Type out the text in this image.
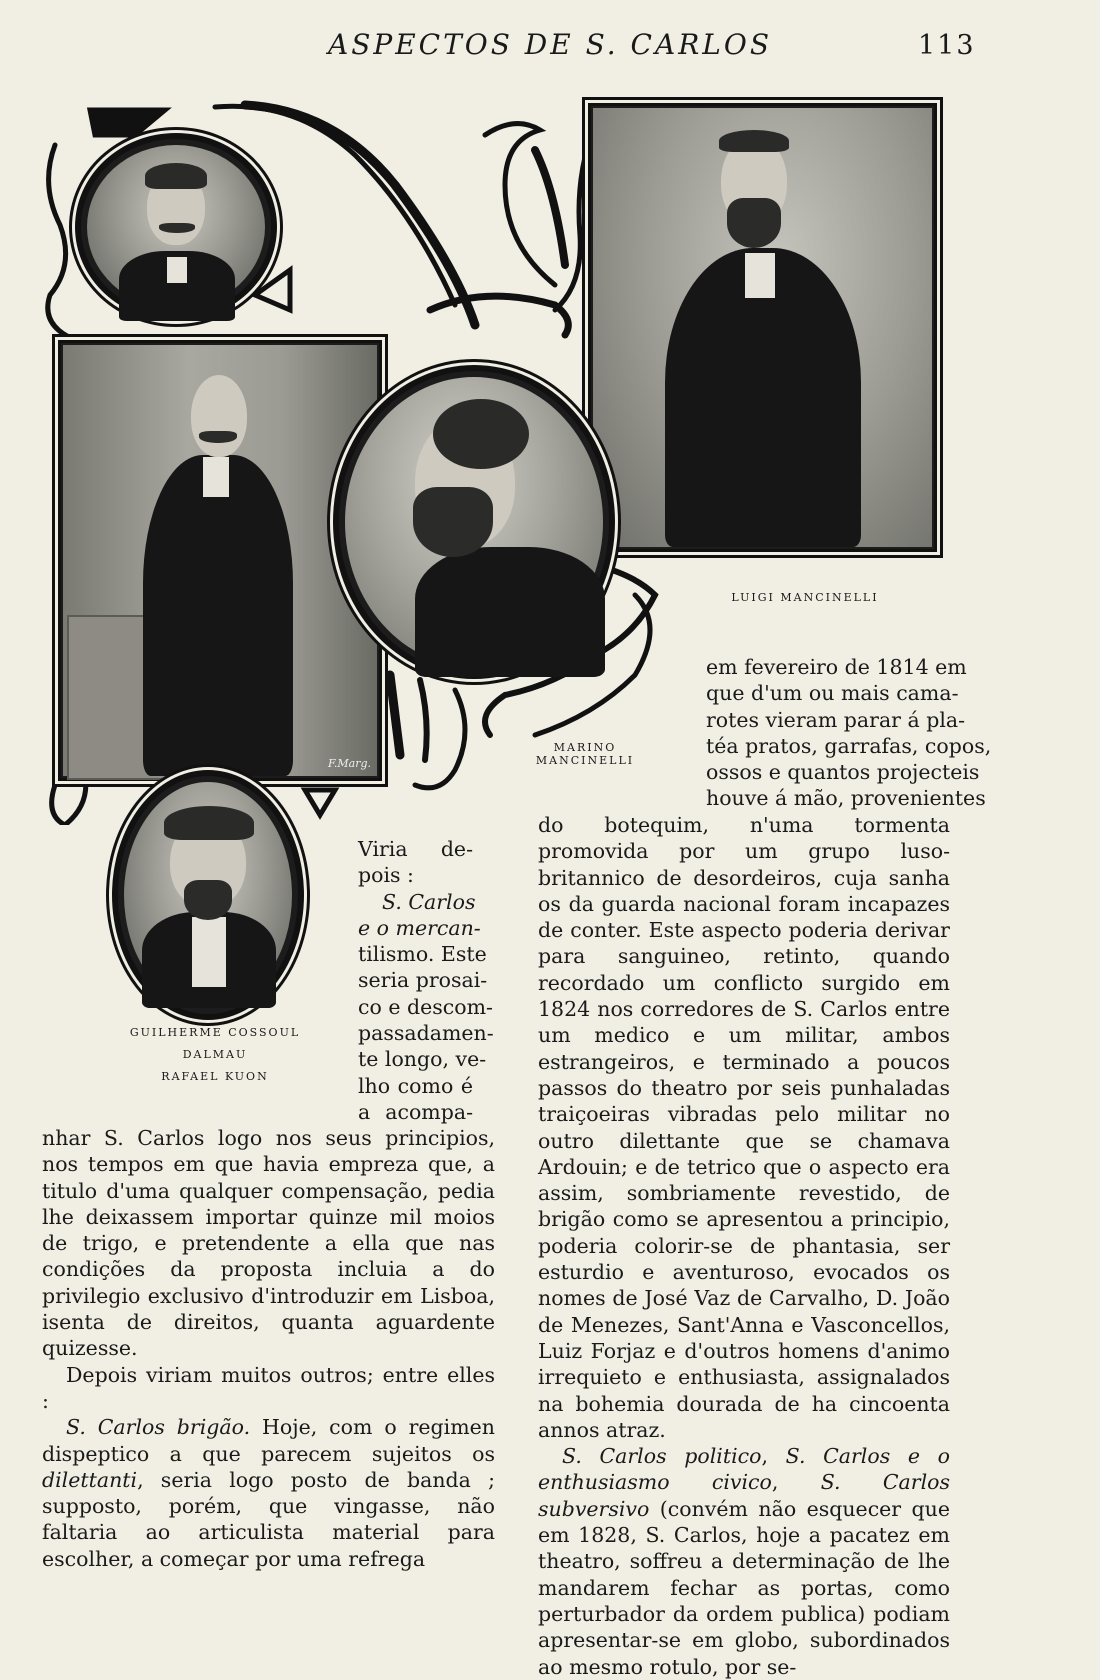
ASPECTOS DE S. CARLOS	113
LUIGI MANCINELLI
F.Marg.
MARINO MANCINELLI
GUILHERME COSSOUL
DALMAU
RAFAEL KUON
Viria de-
pois :
S. Carlos
e o mercan-
tilismo. Este
seria prosai-
co e descom-
passadamen-
te longo, ve-
lho como é
a acompa-
em fevereiro de 1814 em
que d'um ou mais cama-
rotes vieram parar á pla-
téa pratos, garrafas, copos,
ossos e quantos projecteis
houve á mão, provenientes

do botequim, n'uma tormenta promovida por um grupo luso-britannico de desordeiros, cuja sanha os da guarda nacional foram incapazes de conter. Este aspecto poderia derivar para sanguineo, retinto, quando recordado um conflicto surgido em 1824 nos corredores de S. Carlos entre um medico e um militar, ambos estrangeiros, e terminado a poucos passos do theatro por seis punhaladas traiçoeiras vibradas pelo militar no outro dilettante que se chamava Ardouin; e de tetrico que o aspecto era assim, sombriamente revestido, de brigão como se apresentou a principio, poderia colorir-se de phantasia, ser esturdio e aventuroso, evocados os nomes de José Vaz de Carvalho, D. João de Menezes, Sant'Anna e Vasconcellos, Luiz Forjaz e d'outros homens d'animo irrequieto e enthusiasta, assignalados na bohemia dourada de ha cincoenta annos atraz.

S. Carlos politico, S. Carlos e o enthusiasmo civico, S. Carlos subversivo (convém não esquecer que em 1828, S. Carlos, hoje a pacatez em theatro, soffreu a determinação de lhe mandarem fechar as portas, como perturbador da ordem publica) podiam apresentar-se em globo, subordinados ao mesmo rotulo, por se-

nhar S. Carlos logo nos seus principios, nos tempos em que havia empreza que, a titulo d'uma qualquer compensação, pedia lhe deixassem importar quinze mil moios de trigo, e pretendente a ella que nas condições da proposta incluia a do privilegio exclusivo d'introduzir em Lisboa, isenta de direitos, quanta aguardente quizesse.

Depois viriam muitos outros; entre elles :

S. Carlos brigão. Hoje, com o regimen dispeptico a que parecem sujeitos os dilettanti, seria logo posto de banda ; supposto, porém, que vingasse, não faltaria ao articulista material para escolher, a começar por uma refrega
